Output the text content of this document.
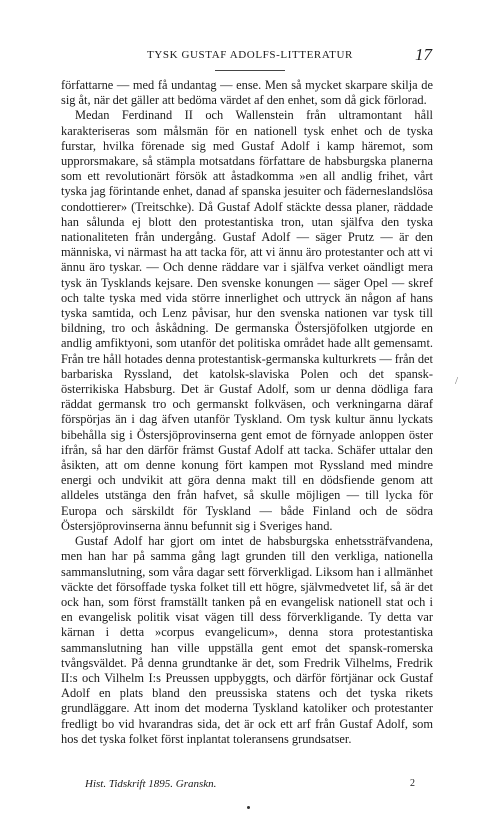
TYSK GUSTAF ADOLFS-LITTERATUR	17

författarne — med få undantag — ense. Men så mycket skarpare skilja de sig åt, när det gäller att bedöma värdet af den enhet, som då gick förlorad.

Medan Ferdinand II och Wallenstein från ultramontant håll karakteriseras som målsmän för en nationell tysk enhet och de tyska furstar, hvilka förenade sig med Gustaf Adolf i kamp häremot, som upprorsmakare, så stämpla motsatdans författare de habsburgska planerna som ett revolutionärt försök att åstadkomma »en all andlig frihet, vårt tyska jag förintande enhet, danad af spanska jesuiter och fäderneslandslösa condottierer» (Treitschke). Då Gustaf Adolf stäckte dessa planer, räddade han sålunda ej blott den protestantiska tron, utan själfva den tyska nationaliteten från undergång. Gustaf Adolf — säger Prutz — är den människa, vi närmast ha att tacka för, att vi ännu äro protestanter och att vi ännu äro tyskar. — Och denne räddare var i själfva verket oändligt mera tysk än Tysklands kejsare. Den svenske konungen — säger Opel — skref och talte tyska med vida större innerlighet och uttryck än någon af hans tyska samtida, och Lenz påvisar, hur den svenska nationen var tysk till bildning, tro och åskådning. De germanska Östersjöfolken utgjorde en andlig amfiktyoni, som utanför det politiska området hade allt gemensamt. Från tre håll hotades denna protestantisk-germanska kulturkrets — från det barbariska Ryssland, det katolsk-slaviska Polen och det spansk-österrikiska Habsburg. Det är Gustaf Adolf, som ur denna dödliga fara räddat germansk tro och germanskt folkväsen, och verkningarna däraf förspörjas än i dag äfven utanför Tyskland. Om tysk kultur ännu lyckats bibehålla sig i Östersjöprovinserna gent emot de förnyade anloppen öster ifrån, så har den därför främst Gustaf Adolf att tacka. Schäfer uttalar den åsikten, att om denne konung fört kampen mot Ryssland med mindre energi och undvikit att göra denna makt till en dödsfiende genom att alldeles utstänga den från hafvet, så skulle möjligen — till lycka för Europa och särskildt för Tyskland — både Finland och de södra Östersjöprovinserna ännu befunnit sig i Sveriges hand.

Gustaf Adolf har gjort om intet de habsburgska enhetssträfvandena, men han har på samma gång lagt grunden till den verkliga, nationella sammanslutning, som våra dagar sett förverkligad. Liksom han i allmänhet väckte det försoffade tyska folket till ett högre, självmedvetet lif, så är det ock han, som först framställt tanken på en evangelisk nationell stat och i en evangelisk politik visat vägen till dess förverkligande. Ty detta var kärnan i detta »corpus evangelicum», denna stora protestantiska sammanslutning han ville uppställa gent emot det spansk-romerska tvångsväldet. På denna grundtanke är det, som Fredrik Vilhelms, Fredrik II:s och Vilhelm I:s Preussen uppbyggts, och därför förtjänar ock Gustaf Adolf en plats bland den preussiska statens och det tyska rikets grundläggare. Att inom det moderna Tyskland katoliker och protestanter fredligt bo vid hvarandras sida, det är ock ett arf från Gustaf Adolf, som hos det tyska folket först inplantat toleransens grundsatser.

/
Hist. Tidskrift 1895. Granskn.	2
